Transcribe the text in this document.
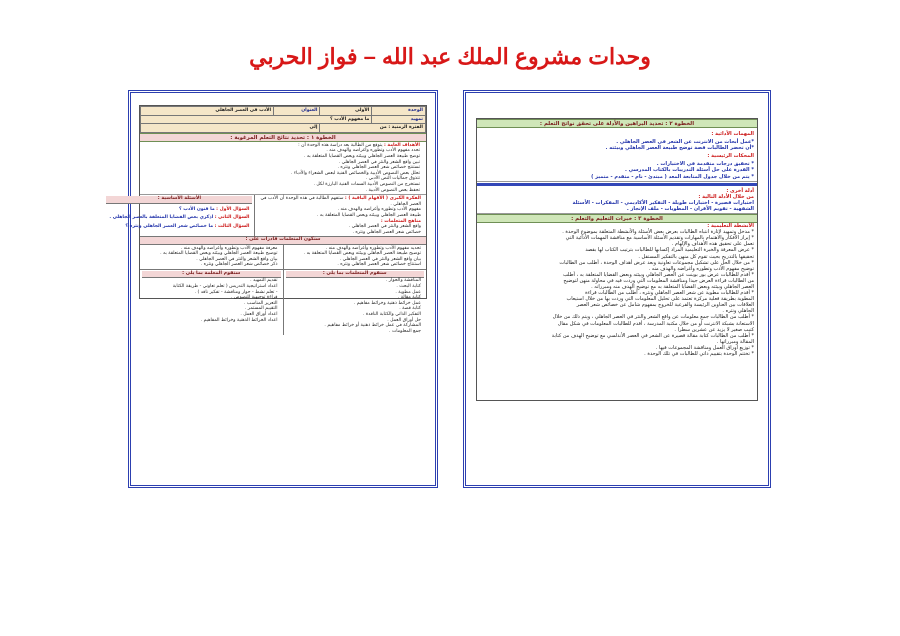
وحدات مشروع الملك عبد الله – فواز الحربي
الوحدة	الأولى	العنوان	الأدب في العصر الجاهلي
تمهيد	ما مفهوم الأدب ؟		
الفترة الزمنية : من		إلى	
الخطوة ١ : تحديد نتائج التعلم المرغوبة :
الأهداف العامة : يتوقع من الطالبة بعد دراسة هذه الوحدة أن :
تحدد مفهوم الأدب وتطوره وأغراضه والهدف منه .
توضح طبيعة العصر الجاهلي وبيئته وبعض القضايا المتعلقة به .
تبين واقع الشعر والنثر في العصر الجاهلي .
تستنتج خصائص شعر العصر الجاهلي ونثره .
تحلل بعض النصوص الأدبية والخصائص الفنية لبعض الشعراء والأدباء .
تتذوق جماليات النص الأدبي .
تستخرج من النصوص الأدبية السمات الفنية البارزة لكل .
تحفظ بعض النصوص الأدبية .
الفكرة الكبرى ( الأفهام الباقية ) : ستفهم الطالبة في هذه الوحدة أن الأدب في
العصر الجاهلي .
مفهوم الأدب وتطوره وأغراضه والهدف منه .
طبيعة العصر الجاهلي وبيئته وبعض القضايا المتعلقة به .
مناهج المتعلمات :
واقع الشعر والنثر في العصر الجاهلي .
خصائص شعر العصر الجاهلي ونثره .
الأسئلة الأساسية :
السؤال الأول : ما فنون الأدب ؟
السؤال الثاني : اذكري بعض القضايا المتعلقة بالعصر الجاهلي .
السؤال الثالث : ما خصائص شعر العصر الجاهلي ونثره ؟
ستكون المتعلمات قادرات على :
تحديد مفهوم الأدب وتطوره وأغراضه والهدف منه .
توضيح طبيعة العصر الجاهلي وبيئته وبعض القضايا المتعلقة به .
بيان واقع الشعر والنثر في العصر الجاهلي .
استنتاج خصائص شعر العصر الجاهلي ونثره .
معرفة مفهوم الأدب وتطوره وأغراضه والهدف منه .
توضيح طبيعة العصر الجاهلي وبيئته وبعض القضايا المتعلقة به .
بيان واقع الشعر والنثر في العصر الجاهلي .
ذكر خصائص شعر العصر الجاهلي ونثره .
ستقوم المتعلمات بما يلي :
المناقشة والحوار .
كتابة البحث .
عمل مطوية .
كتابة مقالة .
عمل خرائط ذهنية وخرائط مفاهيم .
كتابة قصة .
التفكير الذاتي والكتابة الناقدة .
حل أوراق العمل .
المشاركة في عمل خرائط ذهنية أو خرائط مفاهيم .
جمع المعلومات .
ستقوم المعلمة بما يلي :
تقديم التمهيد .
اعداد استراتيجية التدريس ( تعلم تعاوني - طريقة الكتابة
- تعلم نشط - حوار ومناقشة - تفكير ناقد ) .
قراءة توجيهية للنصوص .
التعزيز المناسب .
التقييم المستمر .
اعداد أوراق العمل .
اعداد الخرائط الذهنية وخرائط المفاهيم .
الخطوة ٢ : تحديد البراهين والأدلة على تحقق نواتج التعلم :
المهمات الأدائية :
*عمل أبحاث من الانترنت عن الشعر في العصر الجاهلي .
*أن تحضر الطالبات قصة توضح طبيعة العصر الجاهلي وبيئته .
المحكات الرئيسية :
* تحقيق درجات متقدمة في الاختبارات .
* القدرة على حل أسئلة التدريبات بالكتاب المدرسي .
* يتم من خلال جدول المتابعة المعد ( مبتدئ - نام - متقدم - متميز )
أدلة أخرى :
من خلال الأدلة التالية :
اختبارات قصيرة - اختبارات طويلة - التفكير الأكاديمي - المفكرات - الأسئلة
الشفهية - تقويم الأقران - المطويات - ملف الإنجاز .
الخطوة ٣ : خبرات التعليم والتعلم :
الأنشطة التعليمية :
* مدخل وتمهيد لإثارة انتباه الطالبات بعرض بعض الأسئلة والأنشطة المتعلقة بموضوع الوحدة .
* إبراز الأفكار والاهتمام بالمهارات وتقديم الأسئلة الأساسية مع مناقشة المهمات الأدائية التي
تعمل على تحقيق هذه الأهداف والإلهام .
* عرض المعرفة والخبرة التعليمية المراد إكسابها للطالبات بترتيب الكتاب لها بقصد
تحقيقها بالتدريج بحيث تقوم كل منهن بالتفكير المستقل .
* من خلال الحل على تشكيل مجموعات تعاونية وبعد عرض أهداف الوحدة ، أطلب من الطالبات
توضيح مفهوم الأدب وتطوره وأغراضه والهدف منه .
* أقدم للطالبات عرض بور بوينت عن العصر الجاهلي وبيئته وبعض القضايا المتعلقة به ، أطلب
من الطالبات قراءة العرض جيدا ومناقشة المعلومات التي وردت فيه في محاولة منهن لتوضيح
العصر الجاهلي وبيئته وبعض القضايا المتعلقة به مع توضيح الهدف منه ومبرراته .
* أقدم للطالبات مطوية عن شعر العصر الجاهلي ونثره ، أطلب من الطالبات قراءة
المطوية بطريقة فعلية مركزة تعتمد على تحليل المعلومات التي وردت بها من خلال استيعاب
العلاقات بين العناوين الرئيسة والفرعية للخروج بمفهوم شامل عن خصائص شعر العصر
الجاهلي ونثره .
* أطلب من الطالبات جمع معلومات عن واقع الشعر والنثر في العصر الجاهلي ، ويتم ذلك من خلال
الاستعانة بشبكة الانترنت أو من خلال مكتبة المدرسة ، أقدم للطالبات المعلومات في شكل مقال
كتيب صغير لا يزيد عن عشرين سطرا .
* أطلب من الطالبات كتابة مقالة قصيرة عن الشعر في العصر الأندلسي مع توضيح الهدف من كتابة
المقالة ومبرراتها .
* توزيع أوراق العمل ومناقشة المجموعات فيها .
* تختتم الوحدة بتقييم ذاتي للطالبات في تلك الوحدة .
